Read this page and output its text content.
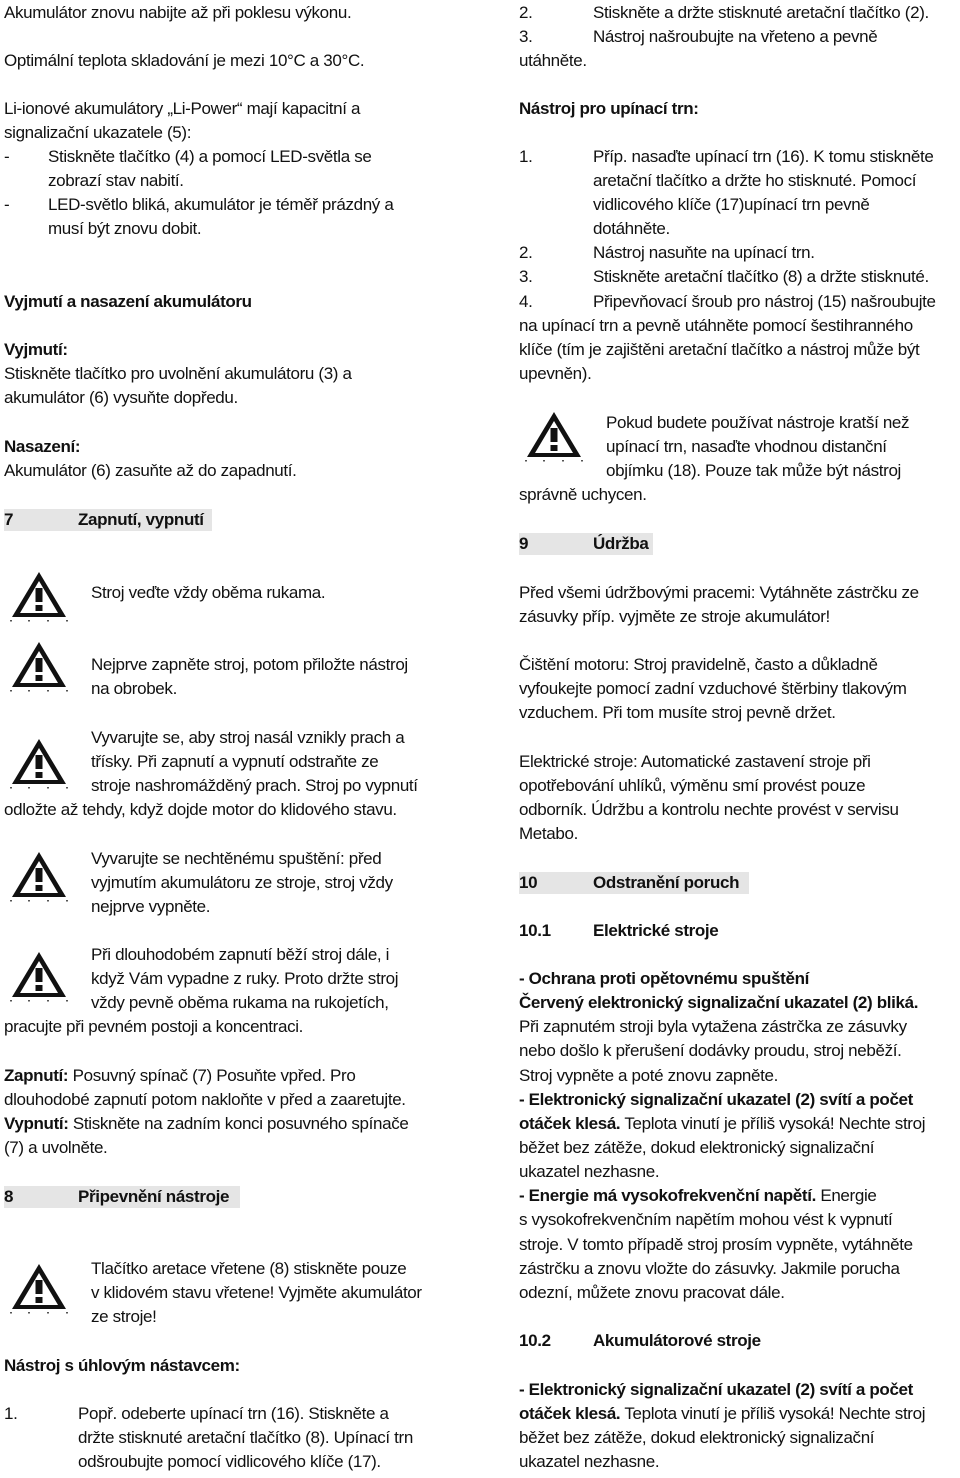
Akumulátor znovu nabijte až při poklesu výkonu.
Optimální teplota skladování je mezi 10°C a 30°C.
Li-ionové akumulátory „Li-Power“ mají kapacitní a
signalizační ukazatele (5):
- Stiskněte tlačítko (4) a pomocí LED-světla se
zobrazí stav nabití.
- LED-světlo bliká, akumulátor je téměř prázdný a
musí být znovu dobit.
Vyjmutí a nasazení akumulátoru
Vyjmutí:
Stiskněte tlačítko pro uvolnění akumulátoru (3) a
akumulátor (6) vysuňte dopředu.
Nasazení:
Akumulátor (6) zasuňte až do zapadnutí.
7	Zapnutí, vypnutí
Stroj veďte vždy oběma rukama.
Nejprve zapněte stroj, potom přiložte nástroj
na obrobek.
Vyvarujte se, aby stroj nasál vznikly prach a
třísky. Při zapnutí a vypnutí odstraňte ze
stroje nashromážděný prach. Stroj po vypnutí
odložte až tehdy, když dojde motor do klidového stavu.
Vyvarujte se nechtěnému spuštění: před
vyjmutím akumulátoru ze stroje, stroj vždy
nejprve vypněte.
Při dlouhodobém zapnutí běží stroj dále, i
když Vám vypadne z ruky. Proto držte stroj
vždy pevně oběma rukama na rukojetích,
pracujte při pevném postoji a koncentraci.
Zapnutí: Posuvný spínač (7) Posuňte vpřed. Pro
dlouhodobé zapnutí potom nakloňte v před a zaaretujte.
Vypnutí: Stiskněte na zadním konci posuvného spínače
(7) a uvolněte.
8	Připevnění nástroje
Tlačítko aretace vřetene (8) stiskněte pouze
v klidovém stavu vřetene! Vyjměte akumulátor
ze stroje!
Nástroj s úhlovým nástavcem:
1.	Popř. odeberte upínací trn (16). Stiskněte a
držte stisknuté aretační tlačítko (8). Upínací trn
odšroubujte pomocí vidlicového klíče (17).
2.	Stiskněte a držte stisknuté aretační tlačítko (2).
3.	Nástroj našroubujte na vřeteno a pevně
utáhněte.
Nástroj pro upínací trn:
1.	Příp. nasaďte upínací trn (16). K tomu stiskněte
aretační tlačítko a držte ho stisknuté. Pomocí
vidlicového klíče (17)upínací trn pevně
dotáhněte.
2.	Nástroj nasuňte na upínací trn.
3.	Stiskněte aretační tlačítko (8) a držte stisknuté.
4.	Připevňovací šroub pro nástroj (15) našroubujte
na upínací trn a pevně utáhněte pomocí šestihranného
klíče (tím je zajištěni aretační tlačítko a nástroj může být
upevněn).
Pokud budete používat nástroje kratší než
upínací trn, nasaďte vhodnou distanční
objímku (18). Pouze tak může být nástroj
správně uchycen.
9	Údržba
Před všemi údržbovými pracemi: Vytáhněte zástrčku ze
zásuvky příp. vyjměte ze stroje akumulátor!
Čištění motoru: Stroj pravidelně, často a důkladně
vyfoukejte pomocí zadní vzduchové štěrbiny tlakovým
vzduchem. Při tom musíte stroj pevně držet.
Elektrické stroje: Automatické zastavení stroje při
opotřebování uhlíků, výměnu smí provést pouze
odborník. Údržbu a kontrolu nechte provést v servisu
Metabo.
10	Odstranění poruch
10.1 Elektrické stroje
- Ochrana proti opětovnému spuštění
Červený elektronický signalizační ukazatel (2) bliká.
Při zapnutém stroji byla vytažena zástrčka ze zásuvky
nebo došlo k přerušení dodávky proudu, stroj neběží.
Stroj vypněte a poté znovu zapněte.
- Elektronický signalizační ukazatel (2) svítí a počet
otáček klesá. Teplota vinutí je příliš vysoká! Nechte stroj
běžet bez zátěže, dokud elektronický signalizační
ukazatel nezhasne.
- Energie má vysokofrekvenční napětí. Energie
s vysokofrekvenčním napětím mohou vést k vypnutí
stroje. V tomto případě stroj prosím vypněte, vytáhněte
zástrčku a znovu vložte do zásuvky. Jakmile porucha
odezní, můžete znovu pracovat dále.
10.2 Akumulátorové stroje
- Elektronický signalizační ukazatel (2) svítí a počet
otáček klesá. Teplota vinutí je příliš vysoká! Nechte stroj
běžet bez zátěže, dokud elektronický signalizační
ukazatel nezhasne.
